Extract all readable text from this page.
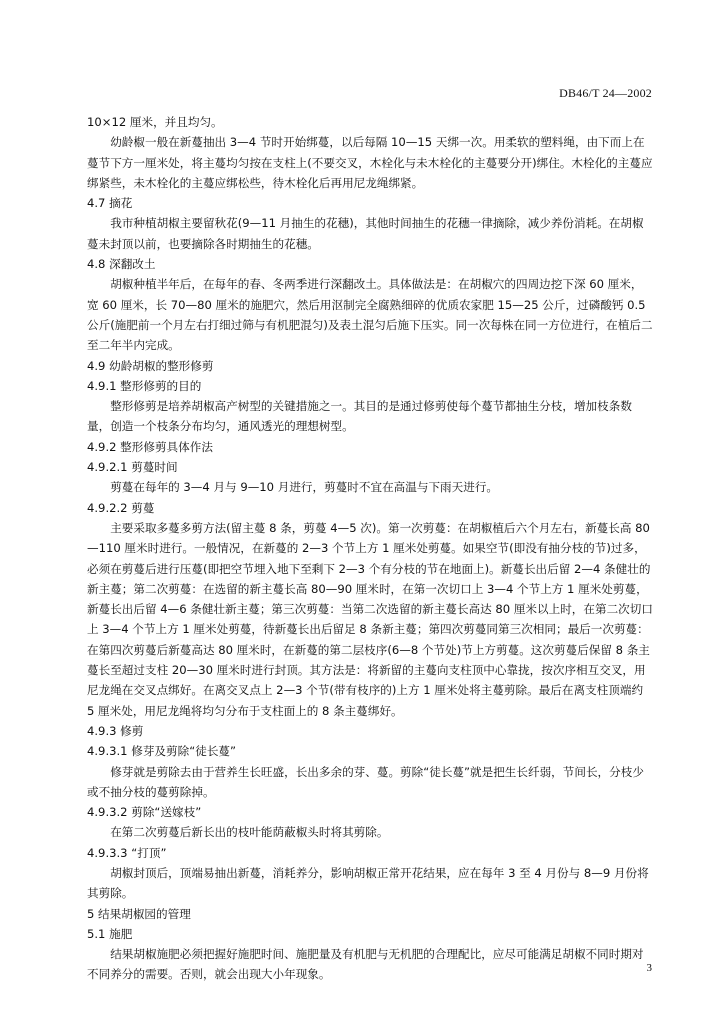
DB46/T 24—2002

10×12 厘米，并且均匀。

幼龄椒一般在新蔓抽出 3—4 节时开始绑蔓，以后每隔 10—15 天绑一次。用柔软的塑料绳，由下而上在蔓节下方一厘米处，将主蔓均匀按在支柱上(不要交叉，木栓化与未木栓化的主蔓要分开)绑住。木栓化的主蔓应绑紧些，未木栓化的主蔓应绑松些，待木栓化后再用尼龙绳绑紧。

4.7 摘花

我市种植胡椒主要留秋花(9—11 月抽生的花穗)，其他时间抽生的花穗一律摘除，减少养份消耗。在胡椒蔓未封顶以前，也要摘除各时期抽生的花穗。

4.8 深翻改土

胡椒种植半年后，在每年的春、冬两季进行深翻改土。具体做法是：在胡椒穴的四周边挖下深 60 厘米，宽 60 厘米，长 70—80 厘米的施肥穴，然后用沤制完全腐熟细碎的优质农家肥 15—25 公斤，过磷酸钙 0.5 公斤(施肥前一个月左右打细过筛与有机肥混匀)及表土混匀后施下压实。同一次每株在同一方位进行，在植后二至二年半内完成。

4.9 幼龄胡椒的整形修剪

4.9.1 整形修剪的目的

整形修剪是培养胡椒高产树型的关键措施之一。其目的是通过修剪使每个蔓节都抽生分枝，增加枝条数量，创造一个枝条分布均匀，通风透光的理想树型。

4.9.2 整形修剪具体作法

4.9.2.1 剪蔓时间

剪蔓在每年的 3—4 月与 9—10 月进行，剪蔓时不宜在高温与下雨天进行。

4.9.2.2 剪蔓

主要采取多蔓多剪方法(留主蔓 8 条，剪蔓 4—5 次)。第一次剪蔓：在胡椒植后六个月左右，新蔓长高 80—110 厘米时进行。一般情况，在新蔓的 2—3 个节上方 1 厘米处剪蔓。如果空节(即没有抽分枝的节)过多，必须在剪蔓后进行压蔓(即把空节埋入地下至剩下 2—3 个有分枝的节在地面上)。新蔓长出后留 2—4 条健壮的新主蔓；第二次剪蔓：在选留的新主蔓长高 80—90 厘米时，在第一次切口上 3—4 个节上方 1 厘米处剪蔓，新蔓长出后留 4—6 条健壮新主蔓；第三次剪蔓：当第二次选留的新主蔓长高达 80 厘米以上时，在第二次切口上 3—4 个节上方 1 厘米处剪蔓，待新蔓长出后留足 8 条新主蔓；第四次剪蔓同第三次相同；最后一次剪蔓：在第四次剪蔓后新蔓高达 80 厘米时，在新蔓的第二层枝序(6—8 个节处)节上方剪蔓。这次剪蔓后保留 8 条主蔓长至超过支柱 20—30 厘米时进行封顶。其方法是：将新留的主蔓向支柱顶中心靠拢，按次序相互交叉，用尼龙绳在交叉点绑好。在离交叉点上 2—3 个节(带有枝序的)上方 1 厘米处将主蔓剪除。最后在离支柱顶端约 5 厘米处，用尼龙绳将均匀分布于支柱面上的 8 条主蔓绑好。

4.9.3 修剪

4.9.3.1 修芽及剪除“徒长蔓”

修芽就是剪除去由于营养生长旺盛，长出多余的芽、蔓。剪除“徒长蔓”就是把生长纤弱，节间长，分枝少或不抽分枝的蔓剪除掉。

4.9.3.2 剪除“送嫁枝”

在第二次剪蔓后新长出的枝叶能荫蔽椒头时将其剪除。

4.9.3.3 “打顶”

胡椒封顶后，顶端易抽出新蔓，消耗养分，影响胡椒正常开花结果，应在每年 3 至 4 月份与 8—9 月份将其剪除。

5 结果胡椒园的管理

5.1 施肥

结果胡椒施肥必须把握好施肥时间、施肥量及有机肥与无机肥的合理配比，应尽可能满足胡椒不同时期对不同养分的需要。否则，就会出现大小年现象。	3
